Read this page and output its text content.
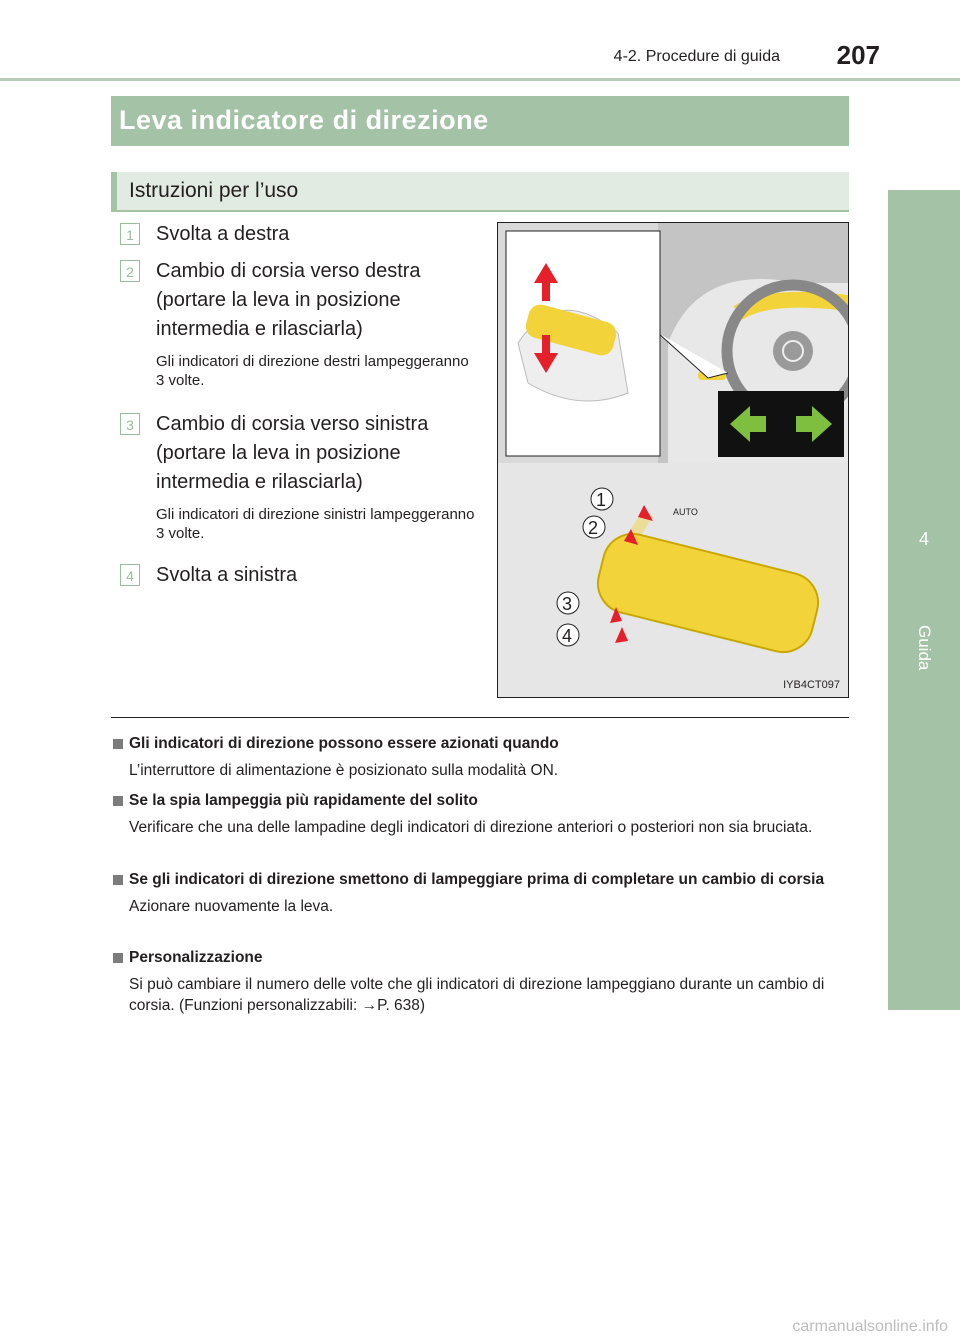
4-2. Procedure di guida	207
4
Guida
Leva indicatore di direzione
Istruzioni per l’uso
1	Svolta a destra
2	Cambio di corsia verso destra (portare la leva in posizione intermedia e rilasciarla)
Gli indicatori di direzione destri lampeggeranno 3 volte.
3	Cambio di corsia verso sinistra (portare la leva in posizione intermedia e rilasciarla)
Gli indicatori di direzione sinistri lampeggeranno 3 volte.
4	Svolta a sinistra
AUTO
1
2
3
4
IYB4CT097
Gli indicatori di direzione possono essere azionati quando
L’interruttore di alimentazione è posizionato sulla modalità ON.
Se la spia lampeggia più rapidamente del solito
Verificare che una delle lampadine degli indicatori di direzione anteriori o posteriori non sia bruciata.
Se gli indicatori di direzione smettono di lampeggiare prima di completare un cambio di corsia
Azionare nuovamente la leva.
Personalizzazione
Si può cambiare il numero delle volte che gli indicatori di direzione lampeggiano durante un cambio di corsia. (Funzioni personalizzabili: →P. 638)
carmanualsonline.info
